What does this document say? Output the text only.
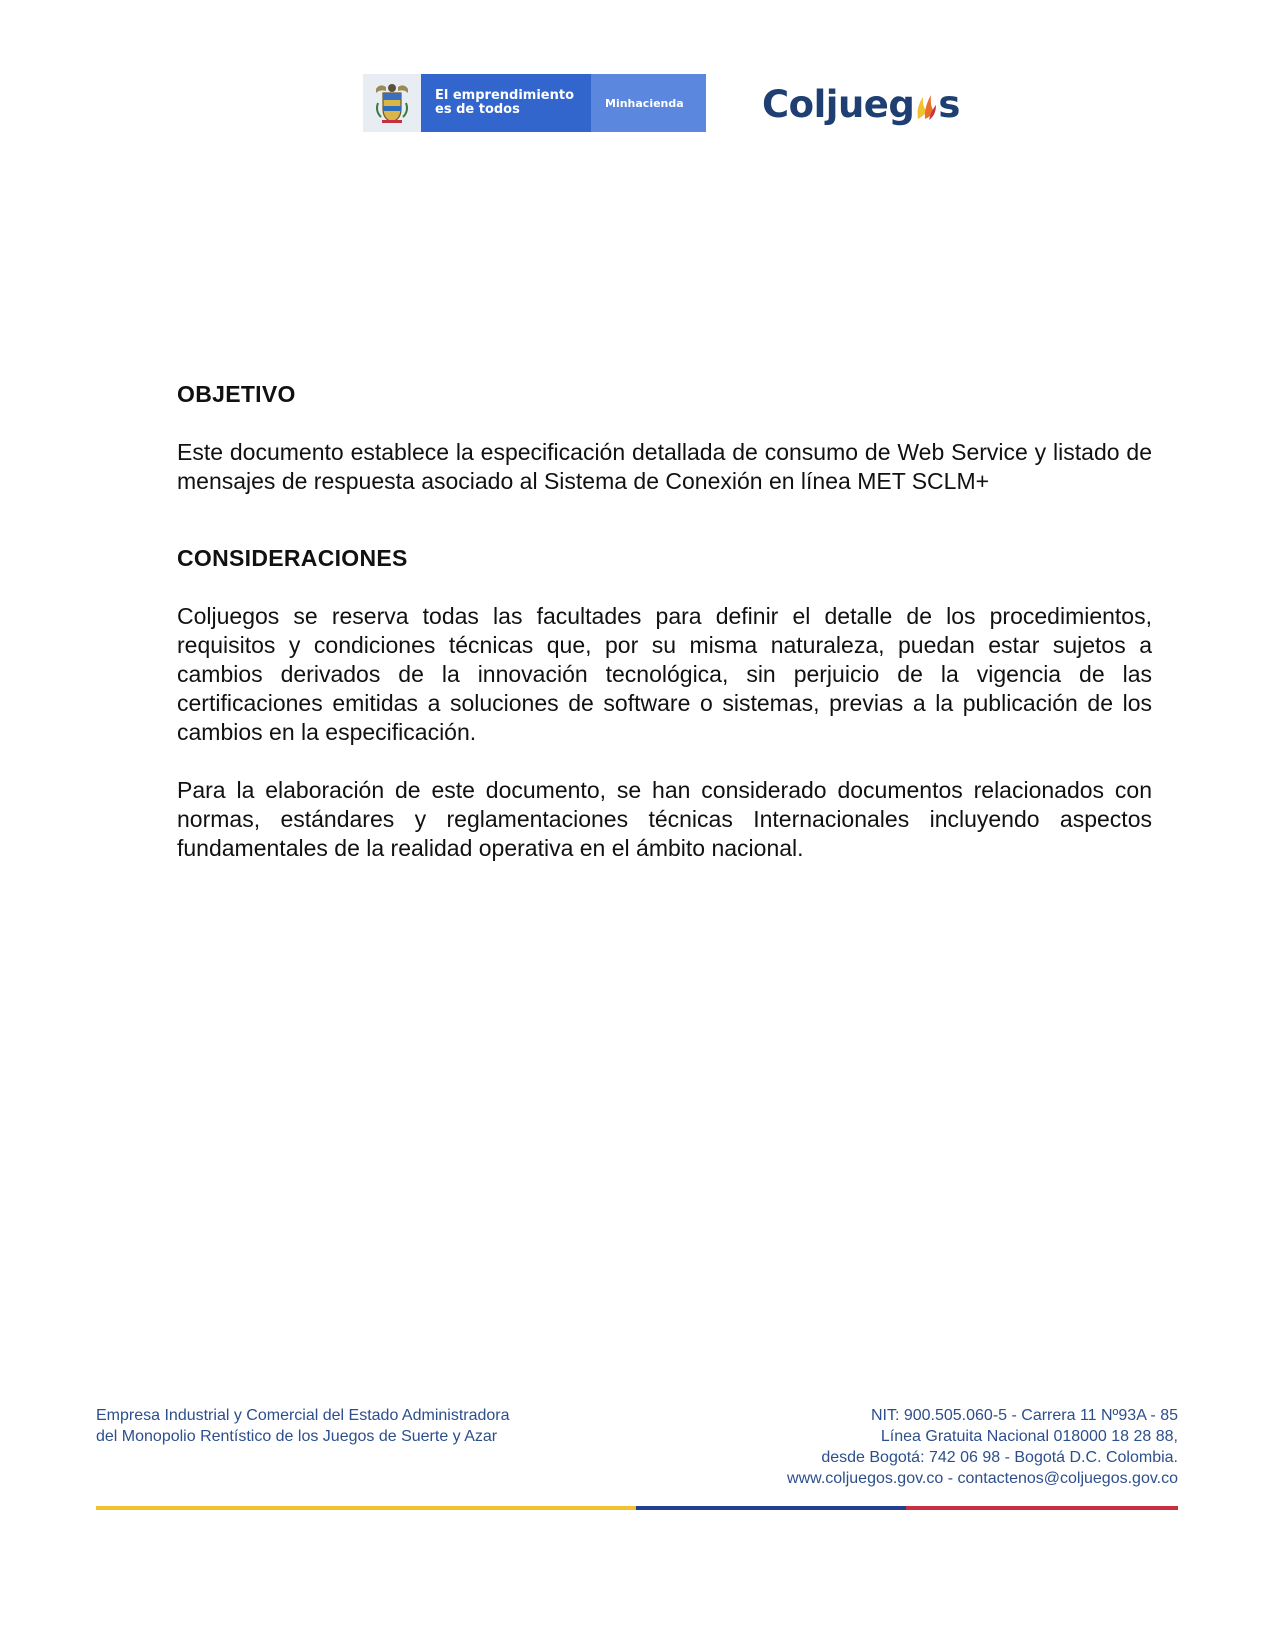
El emprendimiento
es de todos	Minhacienda Coljueg s
OBJETIVO

Este documento establece la especificación detallada de consumo de Web Service y listado de mensajes de respuesta asociado al Sistema de Conexión en línea MET SCLM+

CONSIDERACIONES

Coljuegos se reserva todas las facultades para definir el detalle de los procedimientos, requisitos y condiciones técnicas que, por su misma naturaleza, puedan estar sujetos a cambios derivados de la innovación tecnológica, sin perjuicio de la vigencia de las certificaciones emitidas a soluciones de software o sistemas, previas a la publicación de los cambios en la especificación.

Para la elaboración de este documento, se han considerado documentos relacionados con normas, estándares y reglamentaciones técnicas Internacionales incluyendo aspectos fundamentales de la realidad operativa en el ámbito nacional.

Empresa Industrial y Comercial del Estado Administradora
del Monopolio Rentístico de los Juegos de Suerte y Azar
NIT: 900.505.060-5 - Carrera 11 Nº93A - 85
Línea Gratuita Nacional 018000 18 28 88,
desde Bogotá: 742 06 98 - Bogotá D.C. Colombia.
www.coljuegos.gov.co - contactenos@coljuegos.gov.co
